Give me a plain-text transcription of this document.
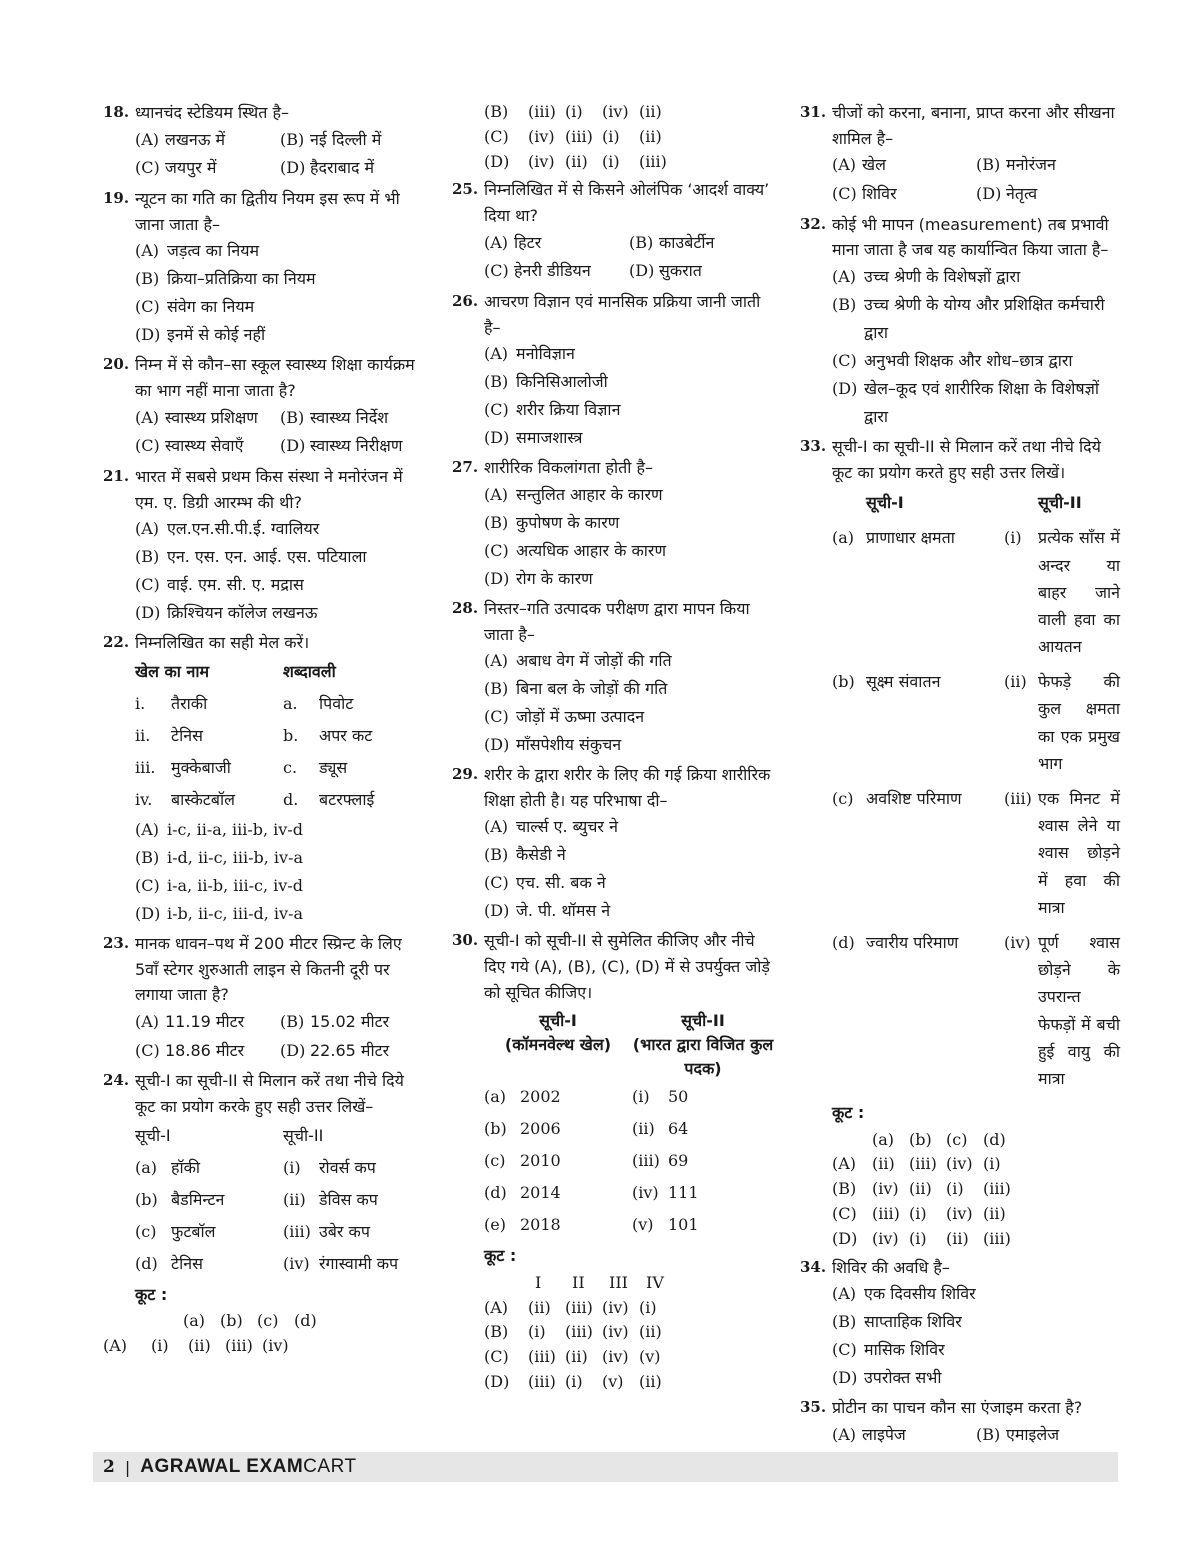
18. ध्यानचंद स्टेडियम स्थित है–
(A) लखनऊ में	(B) नई दिल्ली में
(C) जयपुर में	(D) हैदराबाद में
19. न्यूटन का गति का द्वितीय नियम इस रूप में भी जाना जाता है–
(A) जड़त्व का नियम
(B) क्रिया–प्रतिक्रिया का नियम
(C) संवेग का नियम
(D) इनमें से कोई नहीं
20. निम्न में से कौन–सा स्कूल स्वास्थ्य शिक्षा कार्यक्रम का भाग नहीं माना जाता है?
(A) स्वास्थ्य प्रशिक्षण (B) स्वास्थ्य निर्देश
(C) स्वास्थ्य सेवाएँ (D) स्वास्थ्य निरीक्षण
21. भारत में सबसे प्रथम किस संस्था ने मनोरंजन में एम. ए. डिग्री आरम्भ की थी?
(A) एल.एन.सी.पी.ई. ग्वालियर
(B) एन. एस. एन. आई. एस. पटियाला
(C) वाई. एम. सी. ए. मद्रास
(D) क्रिश्चियन कॉलेज लखनऊ
22. निम्नलिखित का सही मेल करें।
खेल का नाम	शब्दावली
i.	तैराकी	a.	पिवोट
ii.	टेनिस	b.	अपर कट
iii. मुक्केबाजी	c.	ड्यूस
iv.	बास्केटबॉल	d.	बटरफ्लाई
(A) i-c, ii-a, iii-b, iv-d
(B) i-d, ii-c, iii-b, iv-a
(C) i-a, ii-b, iii-c, iv-d
(D) i-b, ii-c, iii-d, iv-a
23. मानक धावन–पथ में 200 मीटर स्प्रिन्ट के लिए 5वाँ स्टेगर शुरुआती लाइन से कितनी दूरी पर लगाया जाता है?
(A) 11.19 मीटर (B) 15.02 मीटर
(C) 18.86 मीटर (D) 22.65 मीटर
24. सूची-I का सूची-II से मिलान करें तथा नीचे दिये कूट का प्रयोग करके हुए सही उत्तर लिखें–
सूची-I	सूची-II
(a) हॉकी	(i)	रोवर्स कप
(b) बैडमिन्टन	(ii) डेविस कप
(c) फुटबॉल	(iii) उबेर कप
(d) टेनिस	(iv) रंगास्वामी कप
कूट :
(a) (b) (c) (d)
(A)	(i)	(ii) (iii) (iv)
(B)	(iii) (i)	(iv) (ii)
(C)	(iv) (iii) (i)	(ii)
(D)	(iv) (ii) (i)	(iii)
25. निम्नलिखित में से किसने ओलंपिक ‘आदर्श वाक्य’ दिया था?
(A) हिटर	(B) काउबेर्टीन
(C) हेनरी डीडियन (D) सुकरात
26. आचरण विज्ञान एवं मानसिक प्रक्रिया जानी जाती है–
(A) मनोविज्ञान
(B) किनिसिआलोजी
(C) शरीर क्रिया विज्ञान
(D) समाजशास्त्र
27. शारीरिक विकलांगता होती है–
(A) सन्तुलित आहार के कारण
(B) कुपोषण के कारण
(C) अत्यधिक आहार के कारण
(D) रोग के कारण
28. निस्तर–गति उत्पादक परीक्षण द्वारा मापन किया जाता है–
(A) अबाध वेग में जोड़ों की गति
(B) बिना बल के जोड़ों की गति
(C) जोड़ों में ऊष्मा उत्पादन
(D) माँसपेशीय संकुचन
29. शरीर के द्वारा शरीर के लिए की गई क्रिया शारीरिक शिक्षा होती है। यह परिभाषा दी–
(A) चार्ल्स ए. ब्युचर ने
(B) कैसेडी ने
(C) एच. सी. बक ने
(D) जे. पी. थॉमस ने
30. सूची-I को सूची-II से सुमेलित कीजिए और नीचे दिए गये (A), (B), (C), (D) में से उपर्युक्त जोड़े को सूचित कीजिए।
सूची-I
(कॉमनवेल्थ खेल)
सूची-II
(भारत द्वारा विजित कुल पदक)
(a) 2002	(i)	50
(b) 2006	(ii) 64
(c) 2010	(iii) 69
(d) 2014	(iv) 111
(e) 2018	(v) 101
कूट :
I	II	III	IV
(A)	(ii) (iii) (iv) (i)
(B)	(i)	(iii) (iv) (ii)
(C)	(iii) (ii) (iv) (v)
(D)	(iii) (i)	(v) (ii)
31. चीजों को करना, बनाना, प्राप्त करना और सीखना शामिल है–
(A) खेल	(B) मनोरंजन
(C) शिविर	(D) नेतृत्व
32. कोई भी मापन (measurement) तब प्रभावी माना जाता है जब यह कार्यान्वित किया जाता है–
(A) उच्च श्रेणी के विशेषज्ञों द्वारा
(B) उच्च श्रेणी के योग्य और प्रशिक्षित कर्मचारी द्वारा
(C) अनुभवी शिक्षक और शोध–छात्र द्वारा
(D) खेल–कूद एवं शारीरिक शिक्षा के विशेषज्ञों द्वारा
33. सूची-I का सूची-II से मिलान करें तथा नीचे दिये कूट का प्रयोग करते हुए सही उत्तर लिखें।
सूची-I	सूची-II
(a) प्राणाधार क्षमता	(i)	प्रत्येक साँस में अन्दर या बाहर जाने वाली हवा का आयतन
(b) सूक्ष्म संवातन	(ii) फेफड़े की कुल क्षमता का एक प्रमुख भाग
(c) अवशिष्ट परिमाण	(iii) एक मिनट में श्वास लेने या श्वास छोड़ने में हवा की मात्रा
(d) ज्वारीय परिमाण	(iv) पूर्ण श्वास छोड़ने के उपरान्त फेफड़ों में बची हुई वायु की मात्रा
कूट :
(a) (b) (c) (d)
(A) (ii) (iii) (iv) (i)
(B) (iv) (ii) (i)	(iii)
(C) (iii) (i)	(iv) (ii)
(D) (iv) (i)	(ii) (iii)
34. शिविर की अवधि है–
(A) एक दिवसीय शिविर
(B) साप्ताहिक शिविर
(C) मासिक शिविर
(D) उपरोक्त सभी
35. प्रोटीन का पाचन कौन सा एंजाइम करता है?
(A) लाइपेज	(B) एमाइलेज
2 | AGRAWAL EXAMCART
